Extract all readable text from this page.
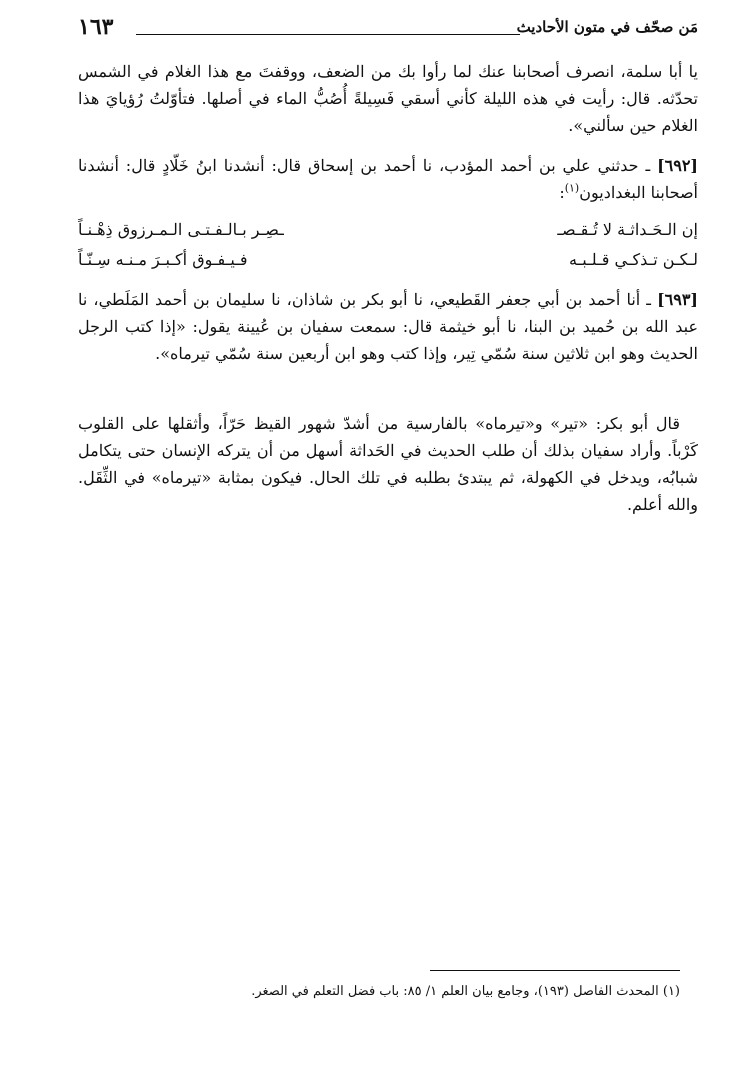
مَن صحّف في متون الأحاديث
١٦٣

يا أبا سلمة، انصرف أصحابنا عنك لما رأوا بك من الضعف، ووقفتَ مع هذا الغلام في الشمس تحدّثه. قال: رأيت في هذه الليلة كأني أسقي فَسِيلةً أُصُبُّ الماء في أصلها. فتأوّلتُ رُؤيايَ هذا الغلام حين سألني».

[٦٩٢] ـ حدثني علي بن أحمد المؤدب، نا أحمد بن إسحاق قال: أنشدنا ابنُ خَلّادٍ قال: أنشدنا أصحابنا البغداديون$^{(١)}$:

إن الـحَـداثـة لا تُـقـصـ
ـصِـر بـالـفـتـى الـمـرزوق ذِهْـنـاً
لـكـن تـذكـي قـلـبـه
فـيـفـوق أكـبـرَ مـنـه سِـنّـاً

[٦٩٣] ـ أنا أحمد بن أبي جعفر القَطيعي، نا أبو بكر بن شاذان، نا سليمان بن أحمد المَلَطي، نا عبد الله بن حُميد بن البنا، نا أبو خيثمة قال: سمعت سفيان بن عُيينة يقول: «إذا كتب الرجل الحديث وهو ابن ثلاثين سنة سُمّي تِير، وإذا كتب وهو ابن أربعين سنة سُمّي تيرماه».

قال أبو بكر: «تير» و«تيرماه» بالفارسية من أشدّ شهور القيظ حَرّاً، وأثقلها على القلوب كَرْباً. وأراد سفيان بذلك أن طلب الحديث في الحَداثة أسهل من أن يتركه الإنسان حتى يتكامل شبابُه، ويدخل في الكهولة، ثم يبتدئ بطلبه في تلك الحال. فيكون بمثابة «تيرماه» في الثِّقَل. والله أعلم.

(١) المحدث الفاصل (١٩٣)، وجامع بيان العلم ١/ ٨٥: باب فضل التعلم في الصغر.
